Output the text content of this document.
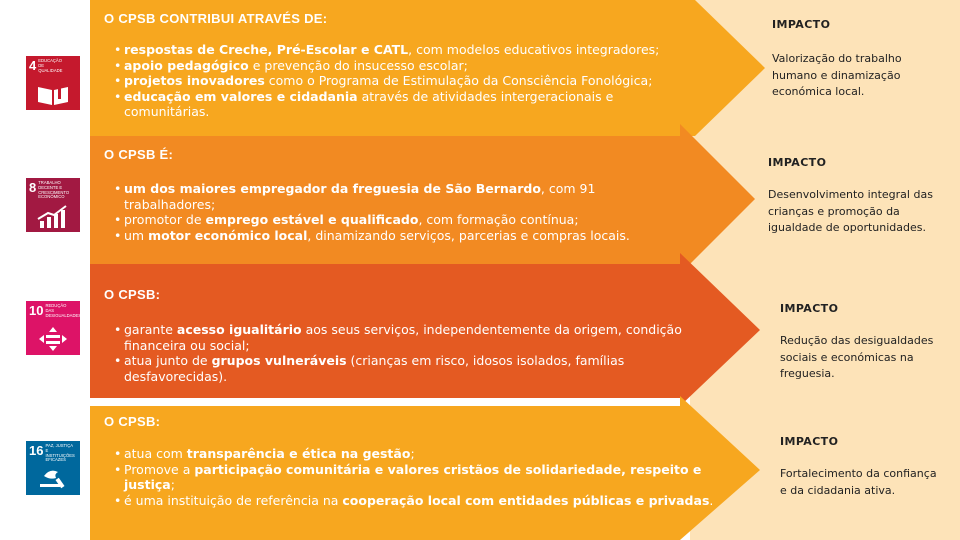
$^4$ EDUCAÇÃO DE QUALIDADE
$^8$ TRABALHO DECENTE E CRESCIMENTO ECONÓMICO
$^{10}$ REDUÇÃO DAS DESIGUALDADES
$^{16}$ PAZ, JUSTIÇA E INSTITUIÇÕES EFICAZES
O CPSB CONTRIBUI ATRAVÉS DE:
• respostas de Creche, Pré-Escolar e CATL, com modelos educativos integradores;
• apoio pedagógico e prevenção do insucesso escolar;
• projetos inovadores como o Programa de Estimulação da Consciência Fonológica;
• educação em valores e cidadania através de atividades intergeracionais e comunitárias.
IMPACTO
Valorização do trabalho humano e dinamização económica local.
O CPSB É:
• um dos maiores empregador da freguesia de São Bernardo, com 91 trabalhadores;
• promotor de emprego estável e qualificado, com formação contínua;
• um motor económico local, dinamizando serviços, parcerias e compras locais.
IMPACTO
Desenvolvimento integral das crianças e promoção da igualdade de oportunidades.
O CPSB:
• garante acesso igualitário aos seus serviços, independentemente da origem, condição financeira ou social;
• atua junto de grupos vulneráveis (crianças em risco, idosos isolados, famílias desfavorecidas).
IMPACTO
Redução das desigualdades sociais e económicas na freguesia.
O CPSB:
• atua com transparência e ética na gestão;
• Promove a participação comunitária e valores cristãos de solidariedade, respeito e justiça;
• é uma instituição de referência na cooperação local com entidades públicas e privadas.
IMPACTO
Fortalecimento da confiança e da cidadania ativa.
